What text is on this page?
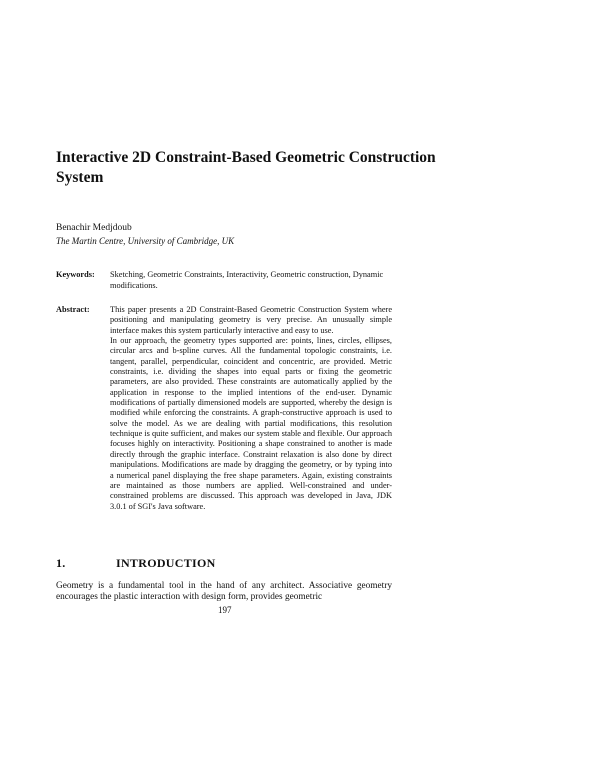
Interactive 2D Constraint-Based Geometric Construction System
Benachir Medjdoub
The Martin Centre, University of Cambridge, UK
Keywords: Sketching, Geometric Constraints, Interactivity, Geometric construction, Dynamic modifications.
Abstract: This paper presents a 2D Constraint-Based Geometric Construction System where positioning and manipulating geometry is very precise. An unusually simple interface makes this system particularly interactive and easy to use.

In our approach, the geometry types supported are: points, lines, circles, ellipses, circular arcs and b-spline curves. All the fundamental topologic constraints, i.e. tangent, parallel, perpendicular, coincident and concentric, are provided. Metric constraints, i.e. dividing the shapes into equal parts or fixing the geometric parameters, are also provided. These constraints are automatically applied by the application in response to the implied intentions of the end-user. Dynamic modifications of partially dimensioned models are supported, whereby the design is modified while enforcing the constraints. A graph-constructive approach is used to solve the model. As we are dealing with partial modifications, this resolution technique is quite sufficient, and makes our system stable and flexible. Our approach focuses highly on interactivity. Positioning a shape constrained to another is made directly through the graphic interface. Constraint relaxation is also done by direct manipulations. Modifications are made by dragging the geometry, or by typing into a numerical panel displaying the free shape parameters. Again, existing constraints are maintained as those numbers are applied. Well-constrained and under-constrained problems are discussed. This approach was developed in Java, JDK 3.0.1 of SGI's Java software.

1.	INTRODUCTION

Geometry is a fundamental tool in the hand of any architect. Associative geometry encourages the plastic interaction with design form, provides geometric

197
